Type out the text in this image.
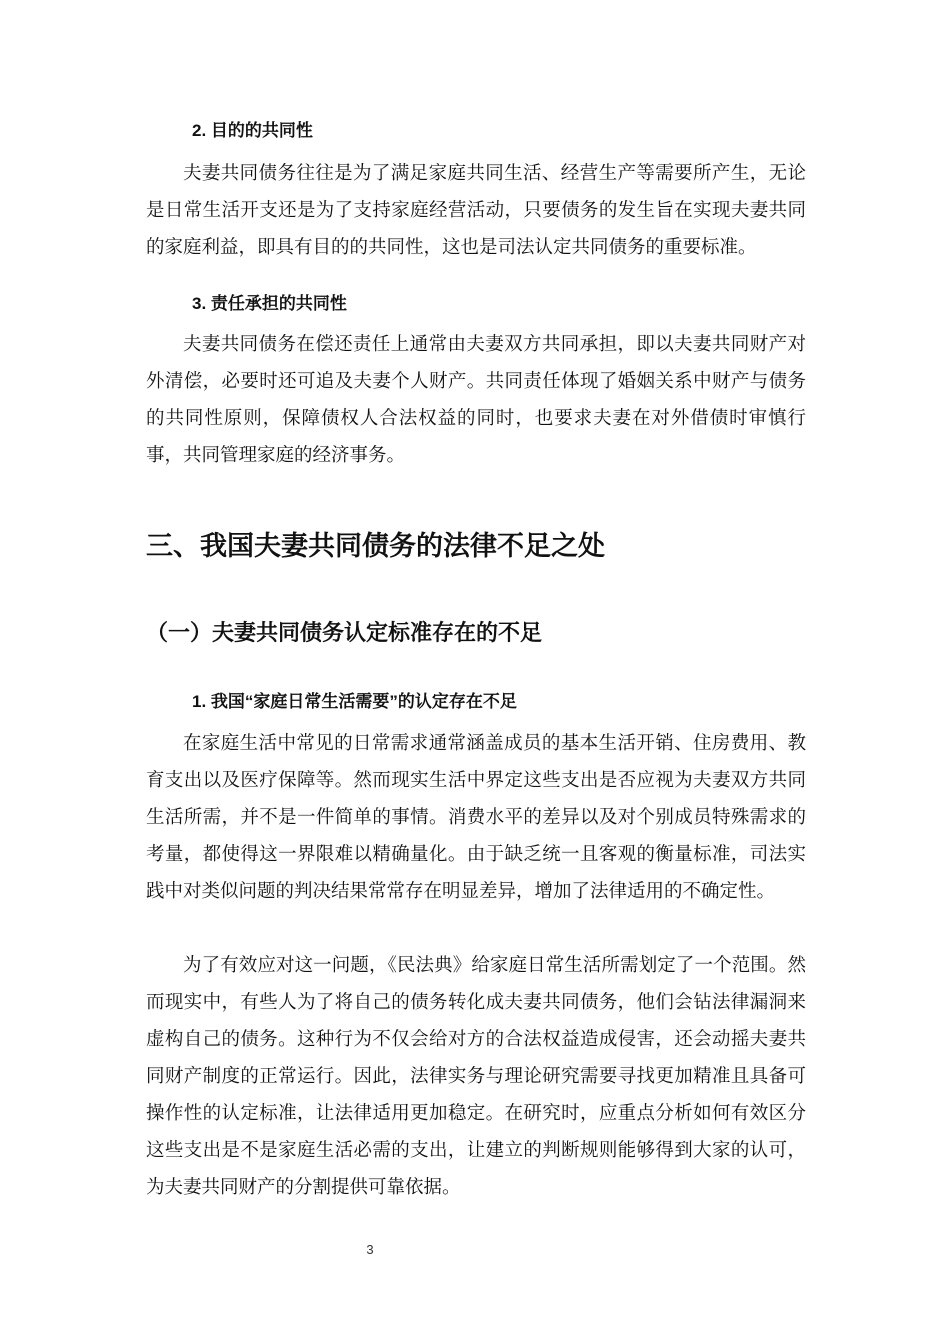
2. 目的的共同性

夫妻共同债务往往是为了满足家庭共同生活、经营生产等需要所产生，无论是日常生活开支还是为了支持家庭经营活动，只要债务的发生旨在实现夫妻共同的家庭利益，即具有目的的共同性，这也是司法认定共同债务的重要标准。

3. 责任承担的共同性

夫妻共同债务在偿还责任上通常由夫妻双方共同承担，即以夫妻共同财产对外清偿，必要时还可追及夫妻个人财产。共同责任体现了婚姻关系中财产与债务的共同性原则，保障债权人合法权益的同时，也要求夫妻在对外借债时审慎行事，共同管理家庭的经济事务。

三、我国夫妻共同债务的法律不足之处
（一）夫妻共同债务认定标准存在的不足
1. 我国“家庭日常生活需要”的认定存在不足

在家庭生活中常见的日常需求通常涵盖成员的基本生活开销、住房费用、教育支出以及医疗保障等。然而现实生活中界定这些支出是否应视为夫妻双方共同生活所需，并不是一件简单的事情。消费水平的差异以及对个别成员特殊需求的考量，都使得这一界限难以精确量化。由于缺乏统一且客观的衡量标准，司法实践中对类似问题的判决结果常常存在明显差异，增加了法律适用的不确定性。

为了有效应对这一问题，《民法典》给家庭日常生活所需划定了一个范围。然而现实中，有些人为了将自己的债务转化成夫妻共同债务，他们会钻法律漏洞来虚构自己的债务。这种行为不仅会给对方的合法权益造成侵害，还会动摇夫妻共同财产制度的正常运行。因此，法律实务与理论研究需要寻找更加精准且具备可操作性的认定标准，让法律适用更加稳定。在研究时，应重点分析如何有效区分这些支出是不是家庭生活必需的支出，让建立的判断规则能够得到大家的认可，为夫妻共同财产的分割提供可靠依据。

3
